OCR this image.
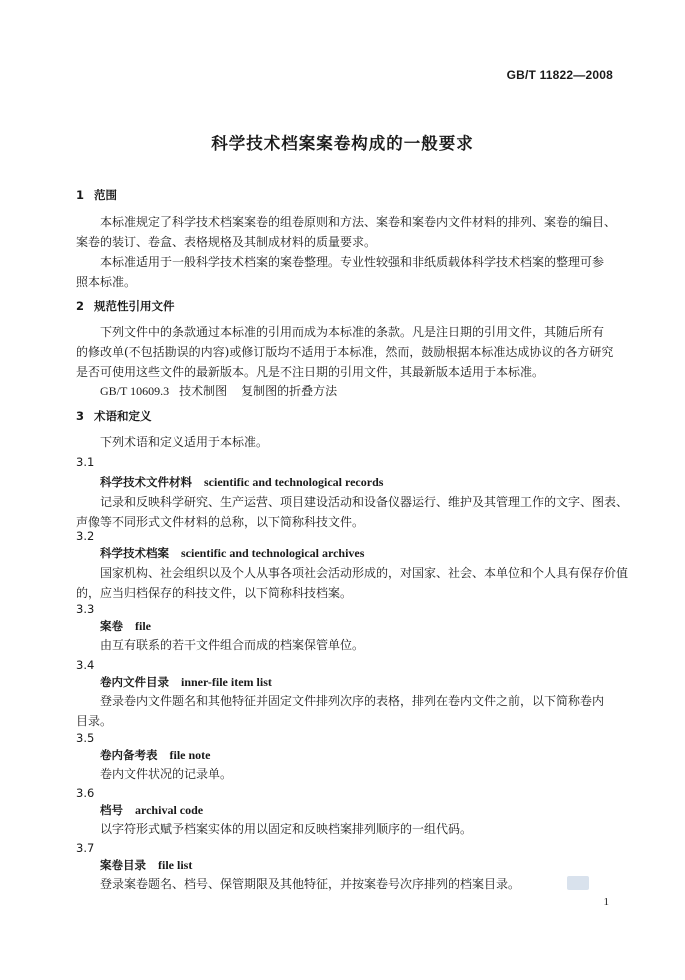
GB/T 11822—2008
科学技术档案案卷构成的一般要求
1 范围
本标准规定了科学技术档案案卷的组卷原则和方法、案卷和案卷内文件材料的排列、案卷的编目、
案卷的装订、卷盒、表格规格及其制成材料的质量要求。
本标准适用于一般科学技术档案的案卷整理。专业性较强和非纸质载体科学技术档案的整理可参
照本标准。
2 规范性引用文件
下列文件中的条款通过本标准的引用而成为本标准的条款。凡是注日期的引用文件，其随后所有
的修改单(不包括勘误的内容)或修订版均不适用于本标准，然而，鼓励根据本标准达成协议的各方研究
是否可使用这些文件的最新版本。凡是不注日期的引用文件，其最新版本适用于本标准。
GB/T 10609.3 技术制图 复制图的折叠方法
3 术语和定义
下列术语和定义适用于本标准。
3.1
科学技术文件材料 scientific and technological records
记录和反映科学研究、生产运营、项目建设活动和设备仪器运行、维护及其管理工作的文字、图表、
声像等不同形式文件材料的总称，以下简称科技文件。
3.2
科学技术档案 scientific and technological archives
国家机构、社会组织以及个人从事各项社会活动形成的，对国家、社会、本单位和个人具有保存价值
的，应当归档保存的科技文件，以下简称科技档案。
3.3
案卷 file
由互有联系的若干文件组合而成的档案保管单位。
3.4
卷内文件目录 inner-file item list
登录卷内文件题名和其他特征并固定文件排列次序的表格，排列在卷内文件之前，以下简称卷内
目录。
3.5
卷内备考表 file note
卷内文件状况的记录单。
3.6
档号 archival code
以字符形式赋予档案实体的用以固定和反映档案排列顺序的一组代码。
3.7
案卷目录 file list
登录案卷题名、档号、保管期限及其他特征，并按案卷号次序排列的档案目录。
1
